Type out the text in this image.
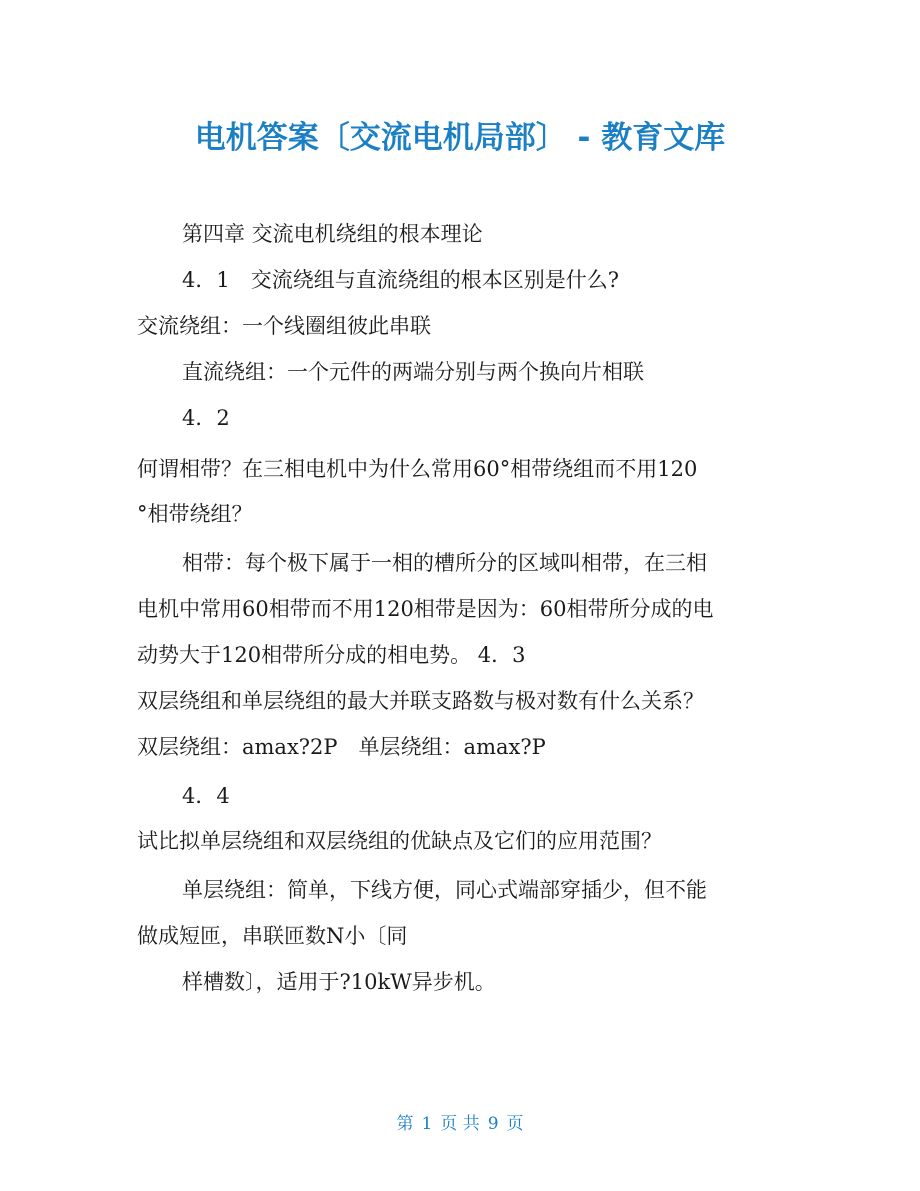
电机答案〔交流电机局部〕 - 教育文库
第四章 交流电机绕组的根本理论
4．1　交流绕组与直流绕组的根本区别是什么?
交流绕组：一个线圈组彼此串联
直流绕组：一个元件的两端分别与两个换向片相联
4．2
何谓相带？在三相电机中为什么常用60°相带绕组而不用120
°相带绕组？
相带：每个极下属于一相的槽所分的区域叫相带，在三相
电机中常用60相带而不用120相带是因为：60相带所分成的电
动势大于120相带所分成的相电势。 4．3
双层绕组和单层绕组的最大并联支路数与极对数有什么关系？
双层绕组：amax?2P　单层绕组：amax?P
4．4
试比拟单层绕组和双层绕组的优缺点及它们的应用范围？
单层绕组：简单，下线方便，同心式端部穿插少，但不能
做成短匝，串联匝数N小〔同
样槽数〕，适用于?10kW异步机。
第 1 页 共 9 页
